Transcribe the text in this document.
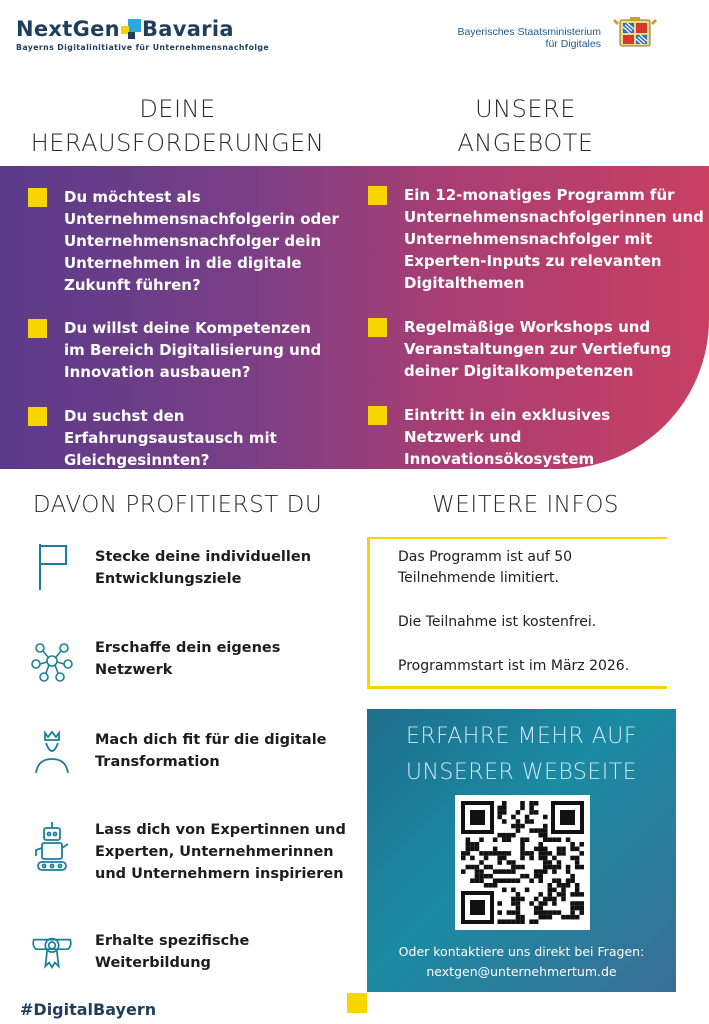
NextGen Bavaria
Bayerns Digitalinitiative für Unternehmensnachfolge
Bayerisches Staatsministerium
für Digitales
DEINE
HERAUSFORDERUNGEN
UNSERE
ANGEBOTE
Du möchtest als Unternehmensnachfolgerin oder Unternehmensnachfolger dein Unternehmen in die digitale Zukunft führen?
Du willst deine Kompetenzen im Bereich Digitalisierung und Innovation ausbauen?
Du suchst den Erfahrungsaustausch mit Gleichgesinnten?
Ein 12-monatiges Programm für Unternehmensnachfolgerinnen und Unternehmensnachfolger mit Experten-Inputs zu relevanten Digitalthemen
Regelmäßige Workshops und Veranstaltungen zur Vertiefung deiner Digitalkompetenzen
Eintritt in ein exklusives Netzwerk und Innovationsökosystem
DAVON PROFITIERST DU	WEITERE INFOS
Stecke deine individuellen Entwicklungsziele
Erschaffe dein eigenes Netzwerk
Mach dich fit für die digitale Transformation
Lass dich von Expertinnen und Experten, Unternehmerinnen und Unternehmern inspirieren
Erhalte spezifische Weiterbildung

Das Programm ist auf 50 Teilnehmende limitiert.

Die Teilnahme ist kostenfrei.

Programmstart ist im März 2026.

ERFAHRE MEHR AUF
UNSERER WEBSEITE
Oder kontaktiere uns direkt bei Fragen:
nextgen@unternehmertum.de
#DigitalBayern
